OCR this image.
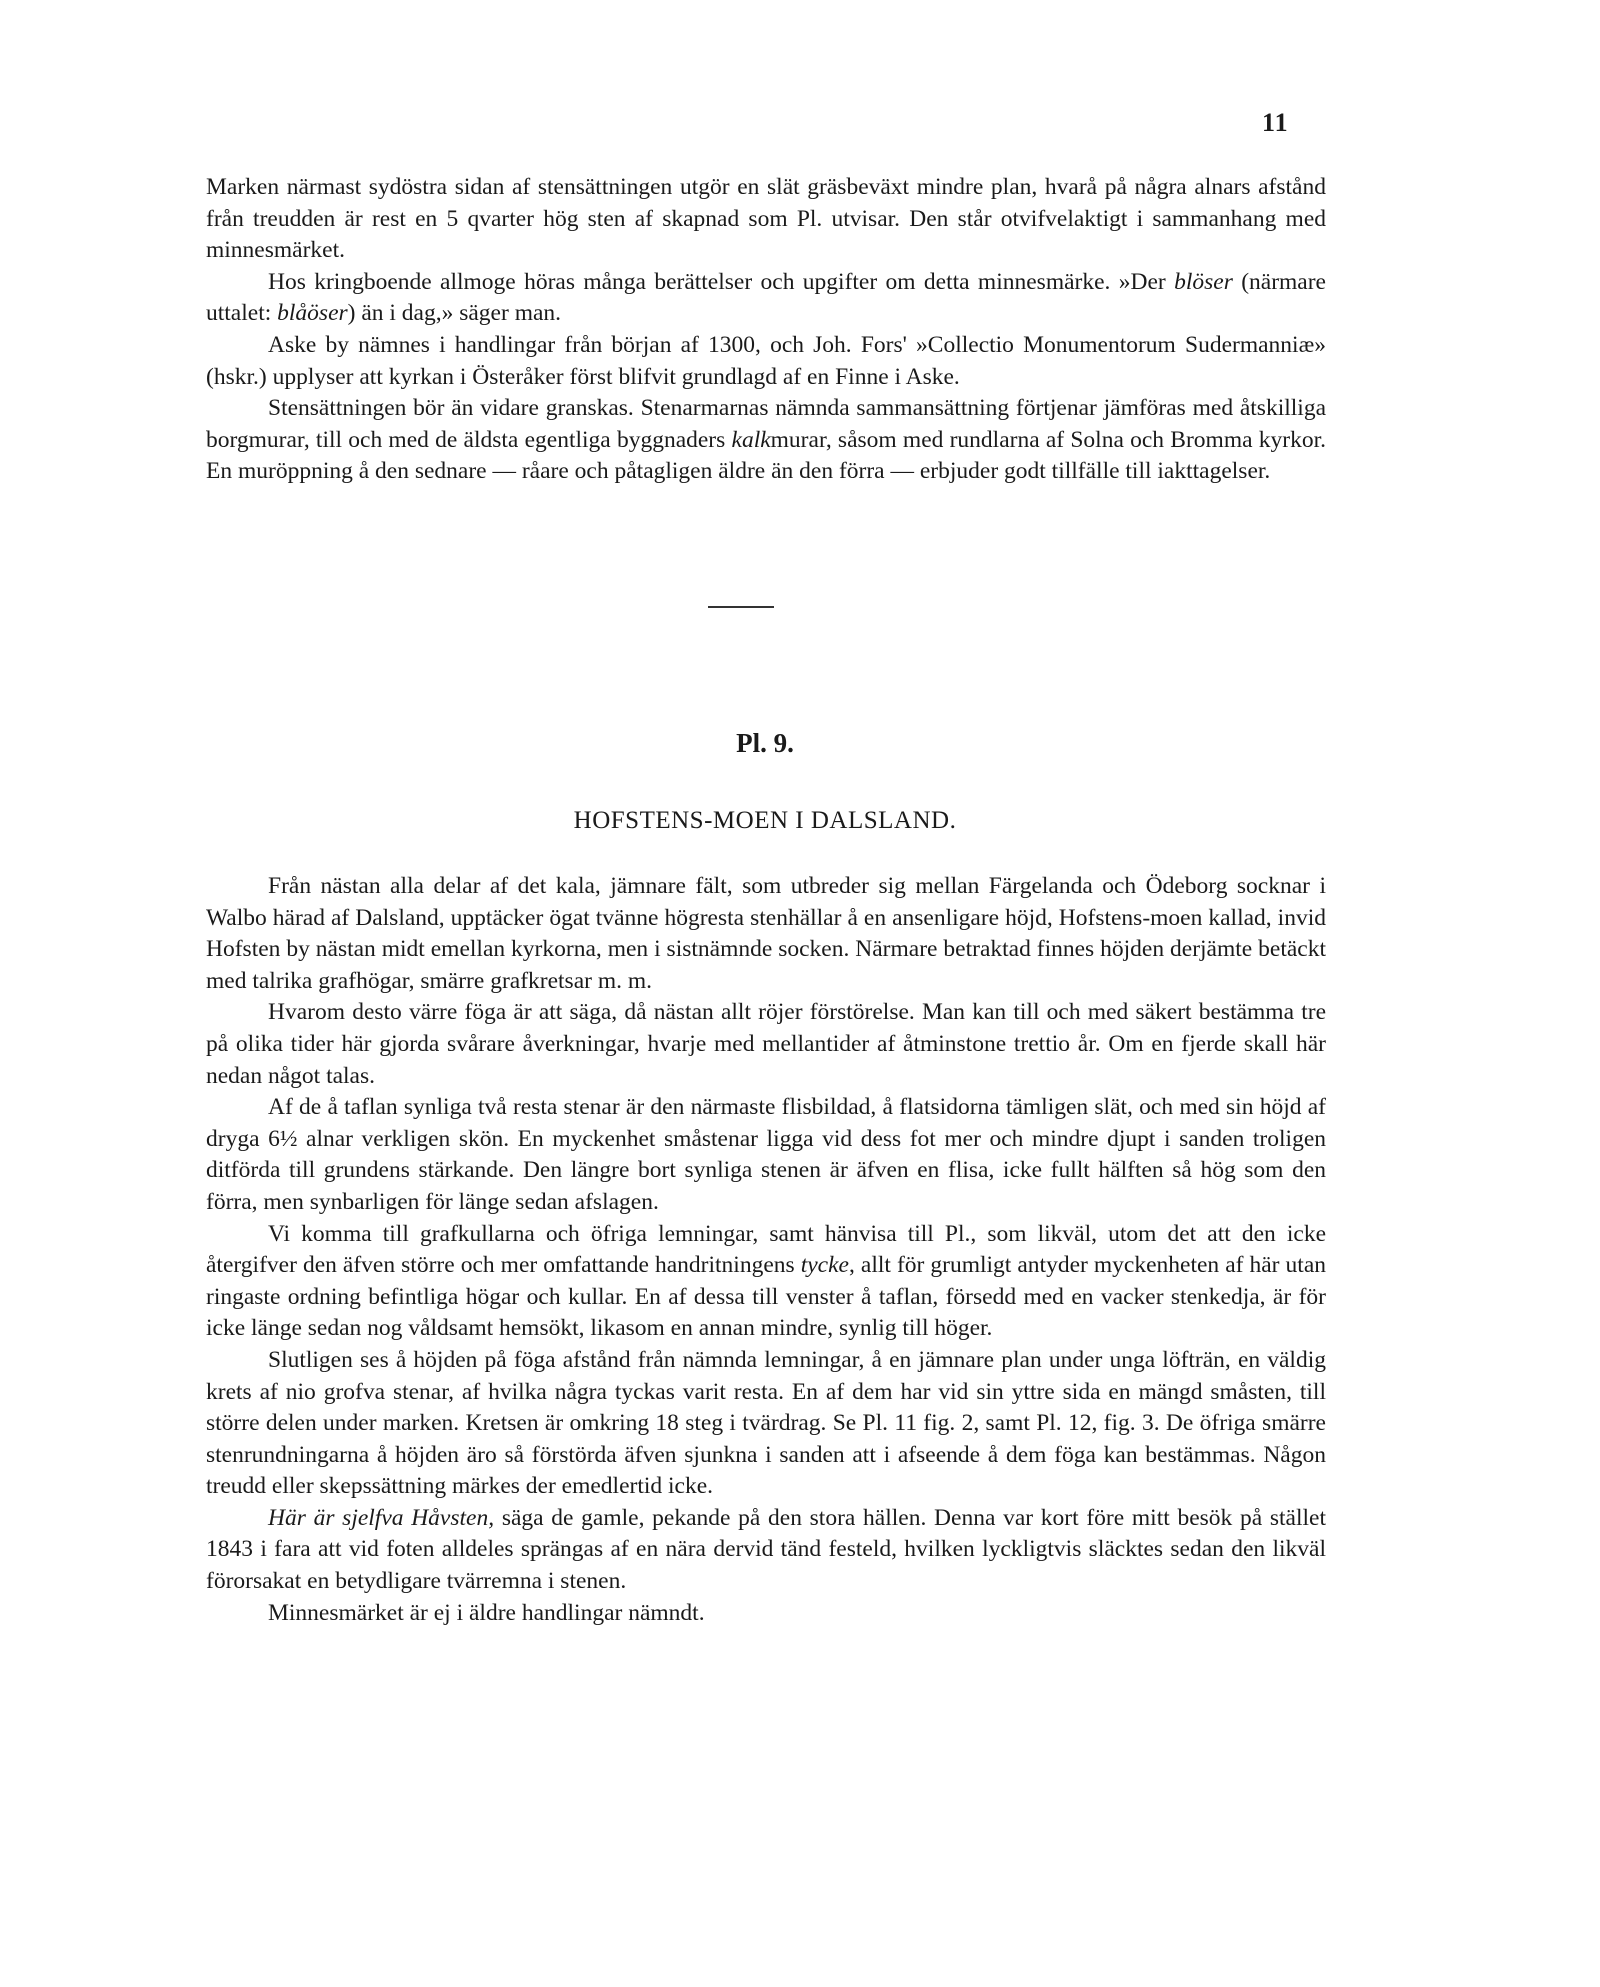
11

Marken närmast sydöstra sidan af stensättningen utgör en slät gräsbeväxt mindre plan, hvarå på några alnars afstånd från treudden är rest en 5 qvarter hög sten af skapnad som Pl. utvisar. Den står otvifvelaktigt i sammanhang med minnesmärket.

Hos kringboende allmoge höras många berättelser och upgifter om detta minnesmärke. »Der blöser (närmare uttalet: blåöser) än i dag,» säger man.

Aske by nämnes i handlingar från början af 1300, och Joh. Fors' »Collectio Monumentorum Sudermanniæ» (hskr.) upplyser att kyrkan i Österåker först blifvit grundlagd af en Finne i Aske.

Stensättningen bör än vidare granskas. Stenarmarnas nämnda sammansättning förtjenar jämföras med åtskilliga borgmurar, till och med de äldsta egentliga byggnaders kalkmurar, såsom med rundlarna af Solna och Bromma kyrkor. En muröppning å den sednare — råare och påtagligen äldre än den förra — erbjuder godt tillfälle till iakttagelser.

Pl. 9.
HOFSTENS-MOEN I DALSLAND.

Från nästan alla delar af det kala, jämnare fält, som utbreder sig mellan Färgelanda och Ödeborg socknar i Walbo härad af Dalsland, upptäcker ögat tvänne högresta stenhällar å en ansenligare höjd, Hofstens-moen kallad, invid Hofsten by nästan midt emellan kyrkorna, men i sistnämnde socken. Närmare betraktad finnes höjden derjämte betäckt med talrika grafhögar, smärre grafkretsar m. m.

Hvarom desto värre föga är att säga, då nästan allt röjer förstörelse. Man kan till och med säkert bestämma tre på olika tider här gjorda svårare åverkningar, hvarje med mellantider af åtminstone trettio år. Om en fjerde skall här nedan något talas.

Af de å taflan synliga två resta stenar är den närmaste flisbildad, å flatsidorna tämligen slät, och med sin höjd af dryga 6½ alnar verkligen skön. En myckenhet småstenar ligga vid dess fot mer och mindre djupt i sanden troligen ditförda till grundens stärkande. Den längre bort synliga stenen är äfven en flisa, icke fullt hälften så hög som den förra, men synbarligen för länge sedan afslagen.

Vi komma till grafkullarna och öfriga lemningar, samt hänvisa till Pl., som likväl, utom det att den icke återgifver den äfven större och mer omfattande handritningens tycke, allt för grumligt antyder myckenheten af här utan ringaste ordning befintliga högar och kullar. En af dessa till venster å taflan, försedd med en vacker stenkedja, är för icke länge sedan nog våldsamt hemsökt, likasom en annan mindre, synlig till höger.

Slutligen ses å höjden på föga afstånd från nämnda lemningar, å en jämnare plan under unga löfträn, en väldig krets af nio grofva stenar, af hvilka några tyckas varit resta. En af dem har vid sin yttre sida en mängd småsten, till större delen under marken. Kretsen är omkring 18 steg i tvärdrag. Se Pl. 11 fig. 2, samt Pl. 12, fig. 3. De öfriga smärre stenrundningarna å höjden äro så förstörda äfven sjunkna i sanden att i afseende å dem föga kan bestämmas. Någon treudd eller skepssättning märkes der emedlertid icke.

Här är sjelfva Håvsten, säga de gamle, pekande på den stora hällen. Denna var kort före mitt besök på stället 1843 i fara att vid foten alldeles sprängas af en nära dervid tänd festeld, hvilken lyckligtvis släcktes sedan den likväl förorsakat en betydligare tvärremna i stenen.

Minnesmärket är ej i äldre handlingar nämndt.
